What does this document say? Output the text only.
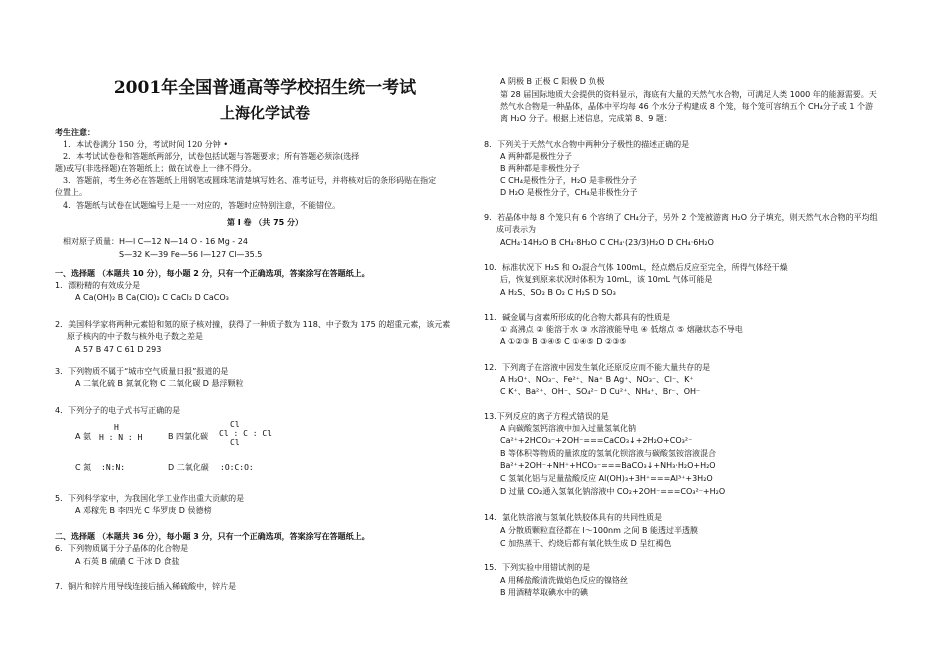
2001年全国普通高等学校招生统一考试
上海化学试卷
考生注意：
1．本试卷满分 150 分，考试时间 120 分钟 •
2．本考试试卷卷和答题纸两部分，试卷包括试题与答题要求；所有答题必须涂(选择
题)或写(非选择题)在答题纸上；做在试卷上一律不得分。
3．答题前，考生务必在答题纸上用钢笔或圆珠笔清楚填写姓名、准考证号，并将核对后的条形码贴在指定
位置上。
4．答题纸与试卷在试题编号上是一一对应的，答题时应特别注意，不能错位。
第 I 卷 （共 75 分）
相对原子质量：H—l C—12 N—14 O - 16 Mg - 24
S—32 K—39 Fe—56 I—127 Cl—35.5
一、选择题 （本题共 10 分），每小题 2 分，只有一个正确选项，答案涂写在答题纸上。
1．漂粉精的有效成分是
A Ca(OH)₂ B Ca(ClO)₂ C CaCl₂ D CaCO₃
2．美国科学家将两种元素铅和氪的原子核对撞，获得了一种质子数为 118、中子数为 175 的超重元素，该元素
原子核内的中子数与核外电子数之差是
A 57 B 47 C 61 D 293
3．下列物质不属于“城市空气质量日报”报道的是
A 二氧化硫 B 氮氧化物 C 二氧化碳 D 悬浮颗粒
4．下列分子的电子式书写正确的是
A 氨
H
H : N : H	B 四氯化碳
Cl
Cl : C : Cl
Cl
C 氮 :N:N:	D 二氧化碳 :O:C:O:
5．下列科学家中，为我国化学工业作出重大贡献的是
A 邓稼先 B 李四光 C 华罗庚 D 侯德榜
二、选择题 （本题共 36 分），每小题 3 分，只有一个正确选项，答案涂写在答题纸上。
6．下列物质属于分子晶体的化合物是
A 石英 B 硫磺 C 干冰 D 食盐
7．铜片和锌片用导线连接后插入稀硫酸中，锌片是
A 阴极 B 正极 C 阳极 D 负极
第 28 届国际地质大会提供的资料显示，海底有大量的天然气水合物，可满足人类 1000 年的能源需要。天
然气水合物是一种晶体，晶体中平均每 46 个水分子构建成 8 个笼，每个笼可容纳五个 CH₄分子或 1 个游
离 H₂O 分子。根据上述信息，完成第 8、9 题：
8．下列关于天然气水合物中两种分子极性的描述正确的是
A 两种都是极性分子
B 两种都是非极性分子
C CH₄是极性分子，H₂O 是非极性分子
D H₂O 是极性分子，CH₄是非极性分子
9．若晶体中每 8 个笼只有 6 个容纳了 CH₄分子，另外 2 个笼被游离 H₂O 分子填充，则天然气水合物的平均组
成可表示为
ACH₄·14H₂O B CH₄·8H₂O C CH₄·(23/3)H₂O D CH₄·6H₂O
10．标准状况下 H₂S 和 O₂混合气体 100mL，经点燃后反应至完全，所得气体经干燥
后，恢复到原来状况时体积为 10mL，该 10mL 气体可能是
A H₂S、SO₂ B O₂ C H₂S D SO₃
11．碱金属与卤素所形成的化合物大都具有的性质是
① 高沸点 ② 能溶于水 ③ 水溶液能导电 ④ 低熔点 ⑤ 熔融状态不导电
A ①②③ B ③④⑤ C ①④⑤ D ②③⑤
12．下列离子在溶液中因发生氧化还原反应而不能大量共存的是
A H₃O⁺、NO₃⁻、Fe²⁺、Na⁺ B Ag⁺、NO₃⁻、Cl⁻、K⁺
C K⁺、Ba²⁺、OH⁻、SO₄²⁻ D Cu²⁺、NH₄⁺、Br⁻、OH⁻
13.下列反应的离子方程式错误的是
A 向碳酸氢钙溶液中加入过量氢氧化钠
Ca²⁺+2HCO₃⁻+2OH⁻===CaCO₃↓+2H₂O+CO₃²⁻
B 等体积等物质的量浓度的氢氧化钡溶液与碳酸氢铵溶液混合
Ba²⁺+2OH⁻+NH⁺+HCO₃⁻===BaCO₃↓+NH₃·H₂O+H₂O
C 氢氧化铝与足量盐酸反应 Al(OH)₃+3H⁺===Al³⁺+3H₂O
D 过量 CO₂通入氢氧化钠溶液中 CO₂+2OH⁻===CO₃²⁻+H₂O
14．氯化铁溶液与氢氧化铁胶体具有的共同性质是
A 分散质颗粒直径都在 l～100nm 之间 B 能透过半透膜
C 加热蒸干、灼烧后都有氧化铁生成 D 呈红褐色
15．下列实验中用错试剂的是
A 用稀盐酸清洗做焰色反应的镍铬丝
B 用酒精萃取碘水中的碘
